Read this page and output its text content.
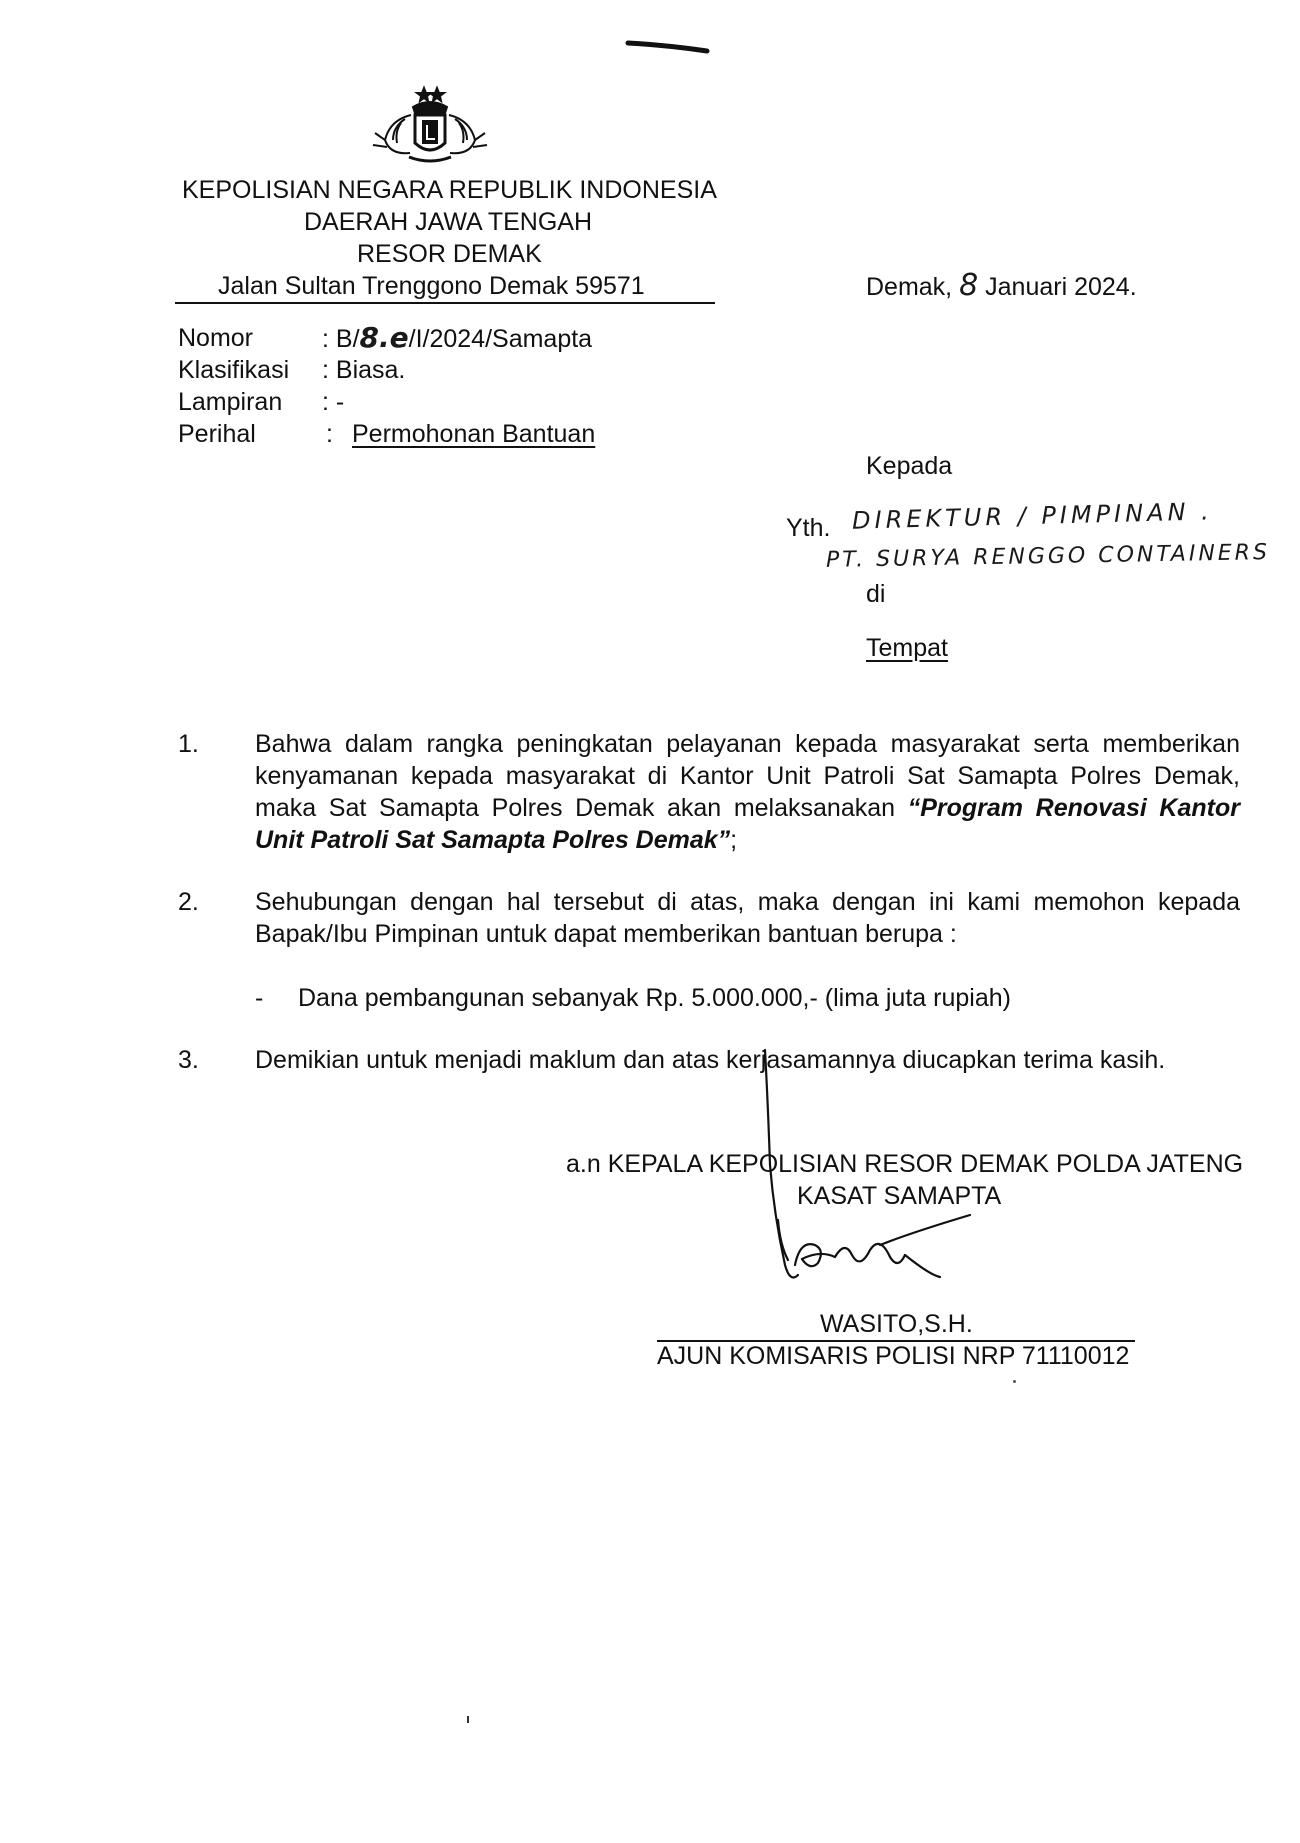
KEPOLISIAN NEGARA REPUBLIK INDONESIA
DAERAH JAWA TENGAH
RESOR DEMAK
Jalan Sultan Trenggono Demak 59571	Demak, 8 Januari 2024.
Nomor	: B/8.e/I/2024/Samapta
Klasifikasi : Biasa.
Lampiran : -
Perihal	: Permohonan Bantuan
Kepada
Yth. DIREKTUR / PIMPINAN .
PT. SURYA RENGGO CONTAINERS
di
Tempat
1. Bahwa dalam rangka peningkatan pelayanan kepada masyarakat serta memberikan kenyamanan kepada masyarakat di Kantor Unit Patroli Sat Samapta Polres Demak, maka Sat Samapta Polres Demak akan melaksanakan “Program Renovasi Kantor Unit Patroli Sat Samapta Polres Demak”;
2. Sehubungan dengan hal tersebut di atas, maka dengan ini kami memohon kepada Bapak/Ibu Pimpinan untuk dapat memberikan bantuan berupa :
- Dana pembangunan sebanyak Rp. 5.000.000,- (lima juta rupiah)
3. Demikian untuk menjadi maklum dan atas kerjasamannya diucapkan terima kasih.
a.n KEPALA KEPOLISIAN RESOR DEMAK POLDA JATENG
KASAT SAMAPTA
WASITO,S.H.
AJUN KOMISARIS POLISI NRP 71110012
